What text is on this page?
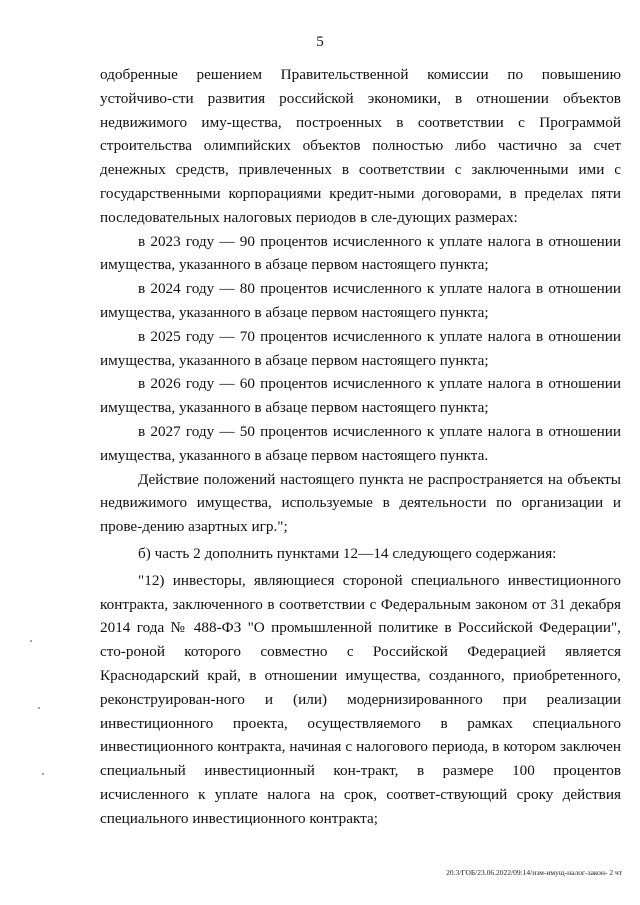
5

одобренные решением Правительственной комиссии по повышению устойчиво-сти развития российской экономики, в отношении объектов недвижимого иму-щества, построенных в соответствии с Программой строительства олимпийских объектов полностью либо частично за счет денежных средств, привлеченных в соответствии с заключенными ими с государственными корпорациями кредит-ными договорами, в пределах пяти последовательных налоговых периодов в сле-дующих размерах:

в 2023 году — 90 процентов исчисленного к уплате налога в отношении имущества, указанного в абзаце первом настоящего пункта;

в 2024 году — 80 процентов исчисленного к уплате налога в отношении имущества, указанного в абзаце первом настоящего пункта;

в 2025 году — 70 процентов исчисленного к уплате налога в отношении имущества, указанного в абзаце первом настоящего пункта;

в 2026 году — 60 процентов исчисленного к уплате налога в отношении имущества, указанного в абзаце первом настоящего пункта;

в 2027 году — 50 процентов исчисленного к уплате налога в отношении имущества, указанного в абзаце первом настоящего пункта.

Действие положений настоящего пункта не распространяется на объекты недвижимого имущества, используемые в деятельности по организации и прове-дению азартных игр.";

б) часть 2 дополнить пунктами 12—14 следующего содержания:

"12) инвесторы, являющиеся стороной специального инвестиционного контракта, заключенного в соответствии с Федеральным законом от 31 декабря 2014 года № 488-ФЗ "О промышленной политике в Российской Федерации", сто-роной которого совместно с Российской Федерацией является Краснодарский край, в отношении имущества, созданного, приобретенного, реконструирован-ного и (или) модернизированного при реализации инвестиционного проекта, осуществляемого в рамках специального инвестиционного контракта, начиная с налогового периода, в котором заключен специальный инвестиционный кон-тракт, в размере 100 процентов исчисленного к уплате налога на срок, соответ-ствующий сроку действия специального инвестиционного контракта;

20.3/ГОБ/23.06.2022/09:14/изм-имущ-налог-закон- 2 чт
